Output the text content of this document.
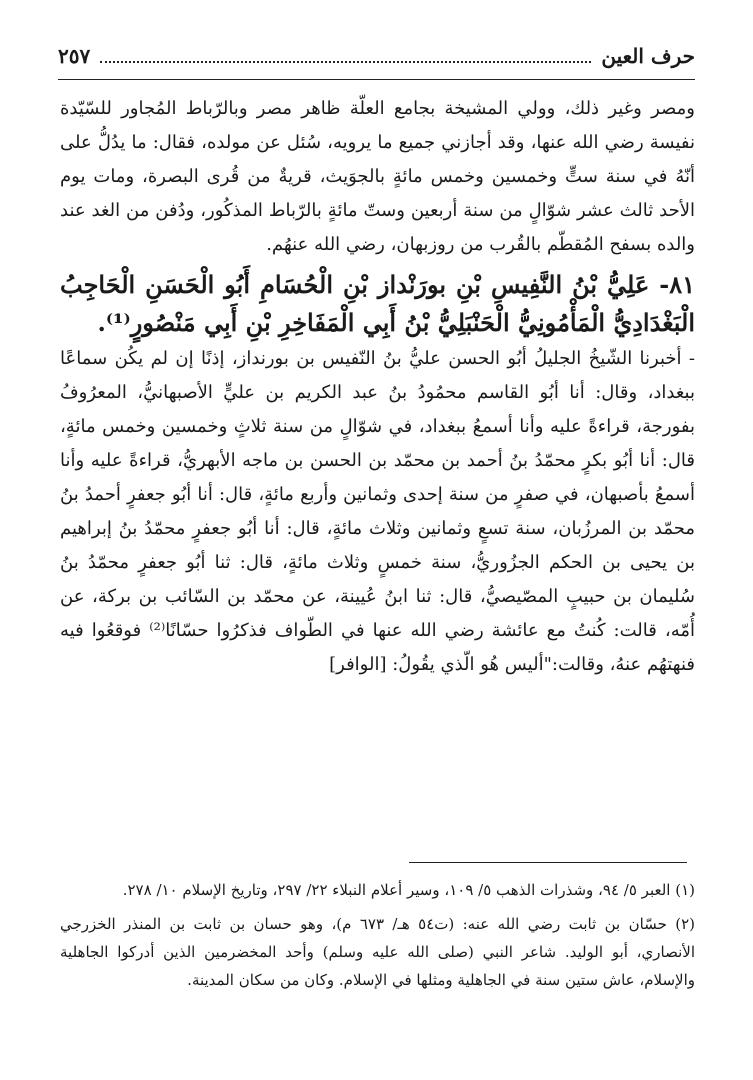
حرف العين
٢٥٧

ومصر وغير ذلك، وولي المشيخة بجامع العلّة ظاهر مصر وبالرّباط المُجاور للسّيّدة نفيسة رضي الله عنها، وقد أجازني جميع ما يرويه، سُئل عن مولده، فقال: ما يدُلُّ على أنّهُ في سنة ستٍّ وخمسين وخمس مائةٍ بالجوَيث، قريةٌ من قُرى البصرة، ومات يوم الأحد ثالث عشر شوّالٍ من سنة أربعين وستّ مائةٍ بالرّباط المذكُور، ودُفن من الغد عند والده بسفح المُقطّم بالقُرب من روزبهان، رضي الله عنهُم.

٨١- عَلِيُّ بْنُ النَّفِيسِ بْنِ بورَنْداز بْنِ الْحُسَامِ أَبُو الْحَسَنِ الْحَاجِبُ الْبَغْدَادِيُّ الْمَأْمُونِيُّ الْحَنْبَلِيُّ بْنُ أَبِي الْمَفَاخِرِ بْنِ أَبِي مَنْصُورٍ⁽¹⁾.

- أخبرنا الشّيخُ الجليلُ أبُو الحسن عليُّ بنُ النّفيس بن بورنداز، إذنًا إن لم يكُن سماعًا ببغداد، وقال: أنا أبُو القاسم محمُودُ بنُ عبد الكريم بن عليٍّ الأصبهانيُّ، المعرُوفُ بفورجة، قراءةً عليه وأنا أسمعُ ببغداد، في شوّالٍ من سنة ثلاثٍ وخمسين وخمس مائةٍ، قال: أنا أبُو بكرٍ محمّدُ بنُ أحمد بن محمّد بن الحسن بن ماجه الأبهريُّ، قراءةً عليه وأنا أسمعُ بأصبهان، في صفرٍ من سنة إحدى وثمانين وأربع مائةٍ، قال: أنا أبُو جعفرٍ أحمدُ بنُ محمّد بن المرزُبان، سنة تسعٍ وثمانين وثلاث مائةٍ، قال: أنا أبُو جعفرٍ محمّدُ بنُ إبراهيم بن يحيى بن الحكم الجزُوريُّ، سنة خمسٍ وثلاث مائةٍ، قال: ثنا أبُو جعفرٍ محمّدُ بنُ سُليمان بن حبيبٍ المصّيصيُّ، قال: ثنا ابنُ عُيينة، عن محمّد بن السّائب بن بركة، عن أُمّه، قالت: كُنتُ مع عائشة رضي الله عنها في الطّواف فذكرُوا حسّانًا⁽²⁾ فوقعُوا فيه فنهتهُم عنهُ، وقالت:"أليس هُو الّذي يقُولُ: [الوافر]

(١) العبر ٥/ ٩٤، وشذرات الذهب ٥/ ١٠٩، وسير أعلام النبلاء ٢٢/ ٢٩٧، وتاريخ الإسلام ١٠/ ٢٧٨.

(٢) حسّان بن ثابت رضي الله عنه: (ت٥٤ هـ/ ٦٧٣ م)، وهو حسان بن ثابت بن المنذر الخزرجي الأنصاري، أبو الوليد. شاعر النبي (صلى الله عليه وسلم) وأحد المخضرمين الذين أدركوا الجاهلية والإسلام، عاش ستين سنة في الجاهلية ومثلها في الإسلام. وكان من سكان المدينة.
